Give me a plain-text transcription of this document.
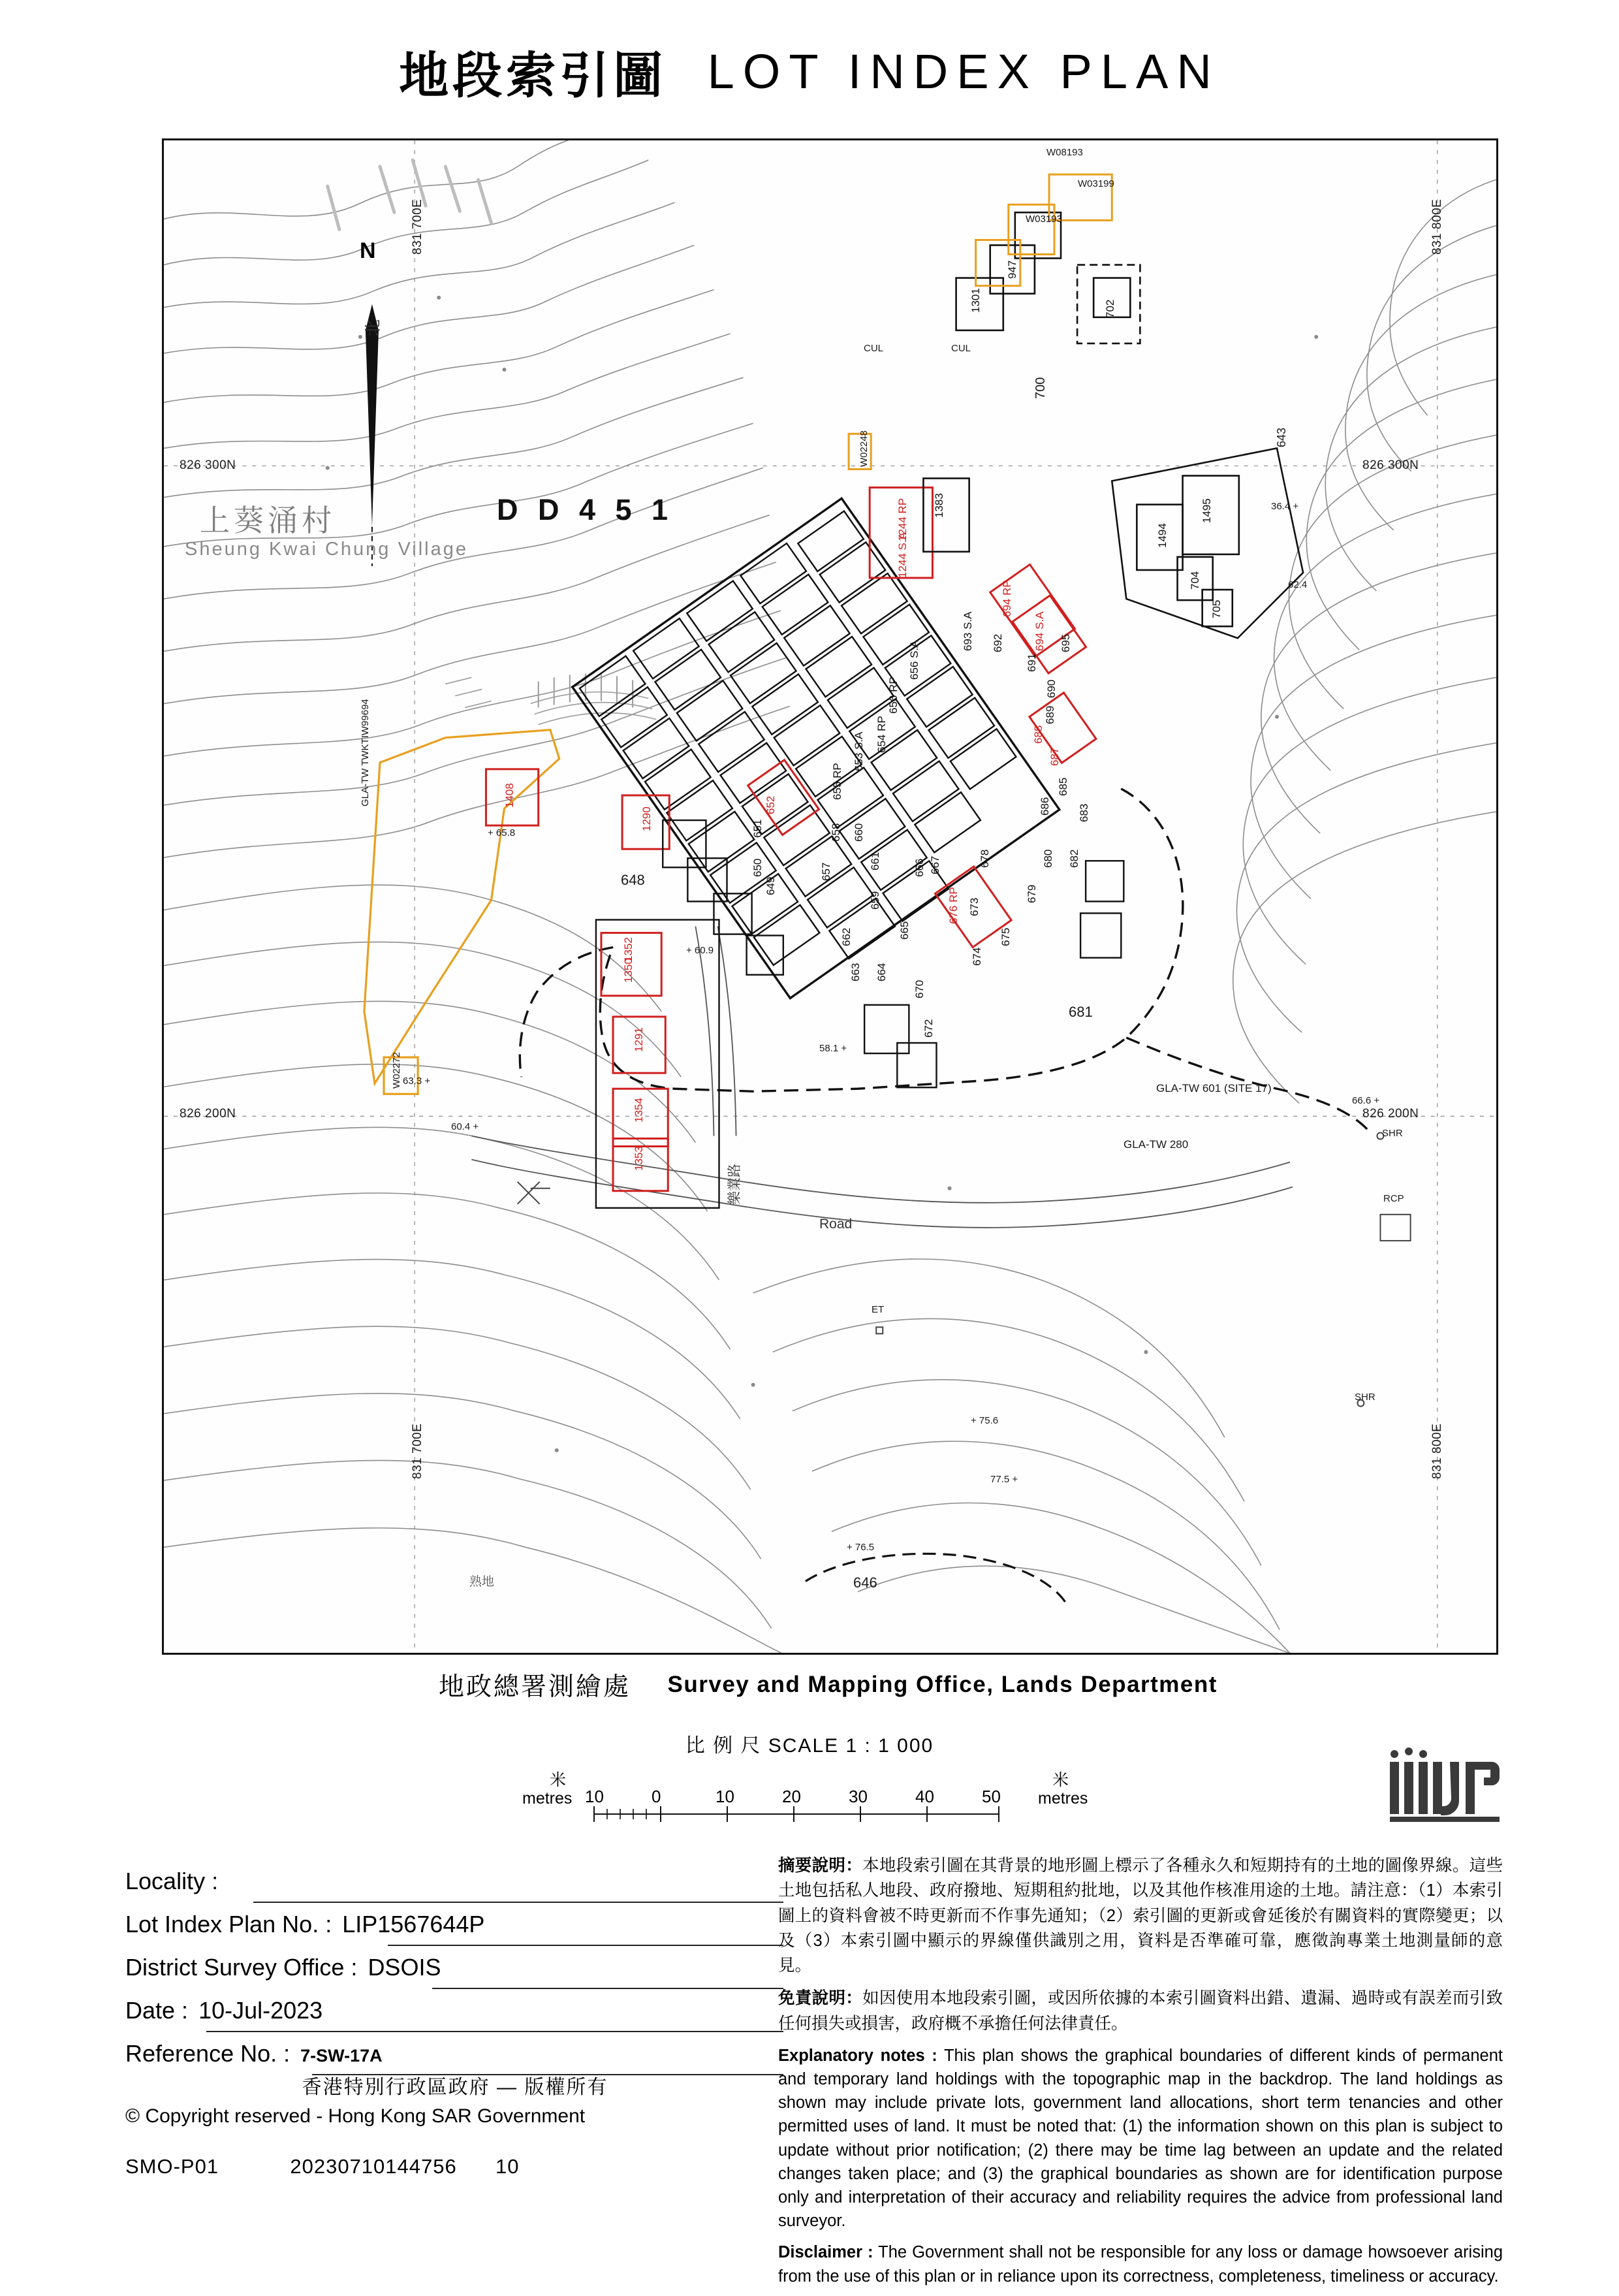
地段索引圖 LOT INDEX PLAN
上葵涌村
Sheung Kwai Chung Village
D D 4 5 1
N
北
831 700E	831 800E
826 300N	826 300N
826 200N	826 200N
831 700E	831 800E
W08193
W03199
W02248
W02272
GLA-TW 280
GLA-TW 601 (SITE 17)
GLA-TW TWKTIW99694
CUL	CUL
SHR
RCP
SHR
ET
Road
樂業路
+ 65.8
+ 60.9
58.1 +
60.4 +
63.3 +
66.6 +
+ 75.6
77.5 +
+ 76.5
36.4 +
62.4
643
646
648
681
700
熟地
1408
1290
1350
1352
1291
1354
1353
1244 RP
1244 S.A
1383
694 RP
694 S.A
693 S.A
656 S.A
656 RP
654 RP
653 S.A
655 RP
652
651
650
649
657
658
659
660
661
662
663 664
665
666 667
670
672
673
674
675
676 RP
678
679
680 682
683
685
686
687
688
689
690
691
692	695
1495
1494
704
705
W03193
947
1301	702
地政總署測繪處 Survey and Mapping Office, Lands Department
比 例 尺 SCALE 1 : 1 000
米
metres
米
metres
10	0	10	20	30	40	50
Locality :
Lot Index Plan No. : LIP1567644P
District Survey Office : DSOIS
Date : 10-Jul-2023
Reference No. : 7-SW-17A
香港特別行政區政府 — 版權所有
© Copyright reserved - Hong Kong SAR Government
SMO-P01	20230710144756 10

摘要說明：本地段索引圖在其背景的地形圖上標示了各種永久和短期持有的土地的圖像界線。這些土地包括私人地段、政府撥地、短期租約批地，以及其他作核准用途的土地。請注意：（1）本索引圖上的資料會被不時更新而不作事先通知；（2）索引圖的更新或會延後於有關資料的實際變更；以及（3）本索引圖中顯示的界線僅供識別之用，資料是否準確可靠，應徵詢專業土地測量師的意見。

免責說明：如因使用本地段索引圖，或因所依據的本索引圖資料出錯、遺漏、過時或有誤差而引致任何損失或損害，政府概不承擔任何法律責任。

Explanatory notes : This plan shows the graphical boundaries of different kinds of permanent and temporary land holdings with the topographic map in the backdrop. The land holdings as shown may include private lots, government land allocations, short term tenancies and other permitted uses of land. It must be noted that: (1) the information shown on this plan is subject to update without prior notification; (2) there may be time lag between an update and the related changes taken place; and (3) the graphical boundaries as shown are for identification purpose only and interpretation of their accuracy and reliability requires the advice from professional land surveyor.

Disclaimer : The Government shall not be responsible for any loss or damage howsoever arising from the use of this plan or in reliance upon its correctness, completeness, timeliness or accuracy.
